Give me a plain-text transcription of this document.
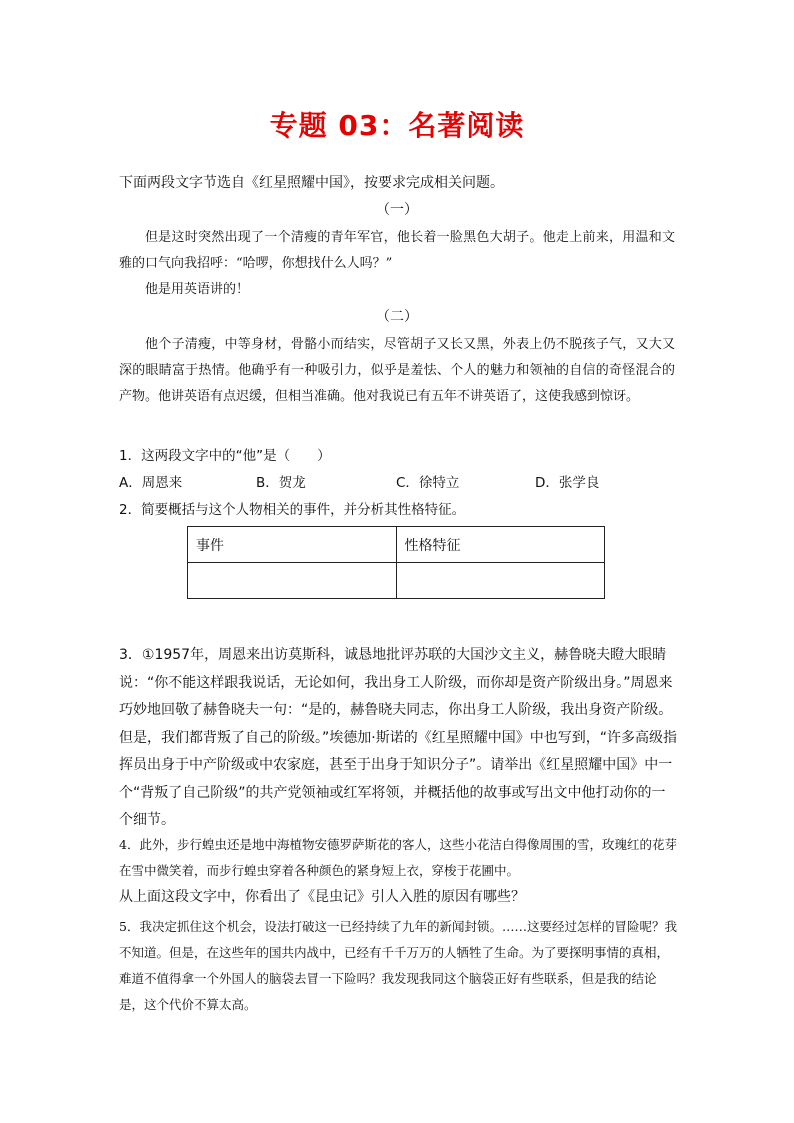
专题 03：名著阅读
下面两段文字节选自《红星照耀中国》，按要求完成相关问题。
（一）

但是这时突然出现了一个清瘦的青年军官，他长着一脸黑色大胡子。他走上前来，用温和文雅的口气向我招呼：“哈啰，你想找什么人吗？”

他是用英语讲的！

（二）

他个子清瘦，中等身材，骨骼小而结实，尽管胡子又长又黑，外表上仍不脱孩子气，又大又深的眼睛富于热情。他确乎有一种吸引力，似乎是羞怯、个人的魅力和领袖的自信的奇怪混合的产物。他讲英语有点迟缓，但相当准确。他对我说已有五年不讲英语了，这使我感到惊讶。

1．这两段文字中的“他”是（　　）

A．周恩来	B．贺龙	C．徐特立	D．张学良

2．简要概括与这个人物相关的事件，并分析其性格特征。

事件	性格特征

3．①1957年，周恩来出访莫斯科，诚恳地批评苏联的大国沙文主义，赫鲁晓夫瞪大眼睛说：“你不能这样跟我说话，无论如何，我出身工人阶级，而你却是资产阶级出身。”周恩来巧妙地回敬了赫鲁晓夫一句：“是的，赫鲁晓夫同志，你出身工人阶级，我出身资产阶级。但是，我们都背叛了自己的阶级。”埃德加·斯诺的《红星照耀中国》中也写到，“许多高级指挥员出身于中产阶级或中农家庭，甚至于出身于知识分子”。请举出《红星照耀中国》中一个“背叛了自己阶级”的共产党领袖或红军将领，并概括他的故事或写出文中他打动你的一个细节。

4．此外，步行蝗虫还是地中海植物安德罗萨斯花的客人，这些小花洁白得像周围的雪，玫瑰红的花芽在雪中微笑着，而步行蝗虫穿着各种颜色的紧身短上衣，穿梭于花圃中。

从上面这段文字中，你看出了《昆虫记》引人入胜的原因有哪些？

5．我决定抓住这个机会，设法打破这一已经持续了九年的新闻封锁。……这要经过怎样的冒险呢？我不知道。但是，在这些年的国共内战中，已经有千千万万的人牺牲了生命。为了要探明事情的真相，难道不值得拿一个外国人的脑袋去冒一下险吗？我发现我同这个脑袋正好有些联系，但是我的结论是，这个代价不算太高。
